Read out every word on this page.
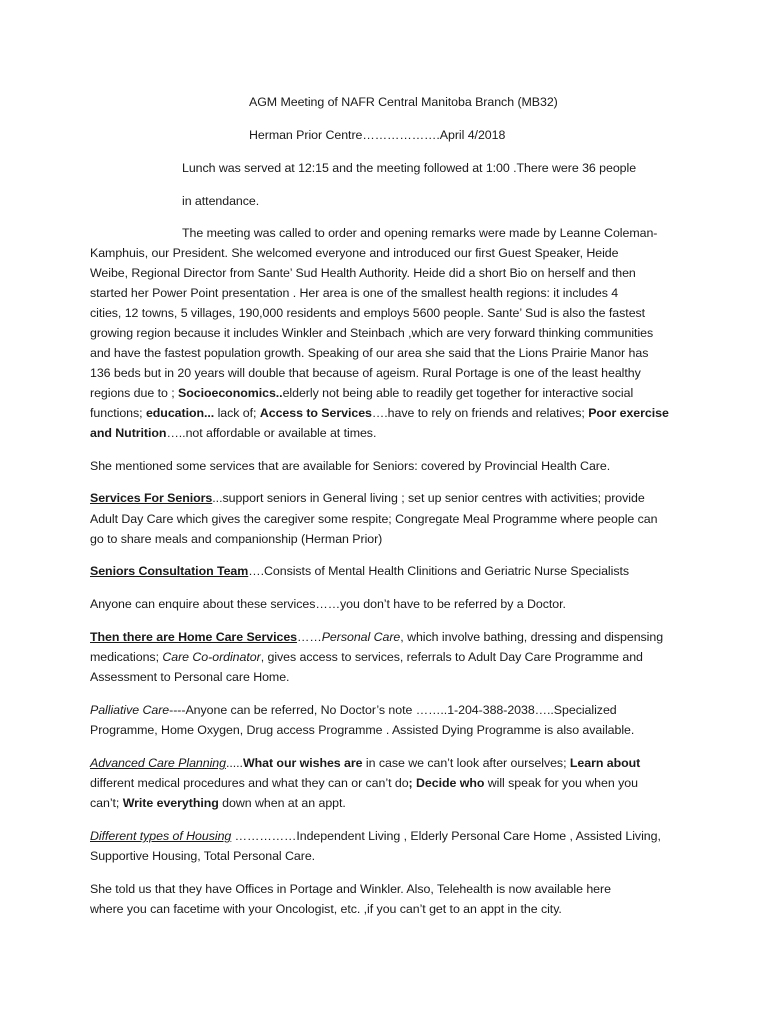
AGM Meeting of NAFR Central Manitoba Branch (MB32)
Herman Prior Centre……………….April 4/2018
Lunch was served at 12:15 and the meeting followed at 1:00 .There were 36 people
in attendance.
The meeting was called to order and opening remarks were made by Leanne Coleman-
Kamphuis, our President. She welcomed everyone and introduced our first Guest Speaker, Heide
Weibe, Regional Director from Sante’ Sud Health Authority. Heide did a short Bio on herself and then
started her Power Point presentation . Her area is one of the smallest health regions: it includes 4
cities, 12 towns, 5 villages, 190,000 residents and employs 5600 people. Sante’ Sud is also the fastest
growing region because it includes Winkler and Steinbach ,which are very forward thinking communities
and have the fastest population growth. Speaking of our area she said that the Lions Prairie Manor has
136 beds but in 20 years will double that because of ageism. Rural Portage is one of the least healthy
regions due to ; Socioeconomics..elderly not being able to readily get together for interactive social
functions; education... lack of; Access to Services….have to rely on friends and relatives; Poor exercise
and Nutrition…..not affordable or available at times.
She mentioned some services that are available for Seniors: covered by Provincial Health Care.
Services For Seniors...support seniors in General living ; set up senior centres with activities; provide
Adult Day Care which gives the caregiver some respite; Congregate Meal Programme where people can
go to share meals and companionship (Herman Prior)
Seniors Consultation Team….Consists of Mental Health Clinitions and Geriatric Nurse Specialists
Anyone can enquire about these services……you don’t have to be referred by a Doctor.
Then there are Home Care Services……Personal Care, which involve bathing, dressing and dispensing
medications; Care Co-ordinator, gives access to services, referrals to Adult Day Care Programme and
Assessment to Personal care Home.
Palliative Care----Anyone can be referred, No Doctor’s note ……..1-204-388-2038…..Specialized
Programme, Home Oxygen, Drug access Programme . Assisted Dying Programme is also available.
Advanced Care Planning.....What our wishes are in case we can’t look after ourselves; Learn about
different medical procedures and what they can or can’t do; Decide who will speak for you when you
can’t; Write everything down when at an appt.
Different types of Housing ……………Independent Living , Elderly Personal Care Home , Assisted Living,
Supportive Housing, Total Personal Care.
She told us that they have Offices in Portage and Winkler. Also, Telehealth is now available here
where you can facetime with your Oncologist, etc. ,if you can’t get to an appt in the city.
